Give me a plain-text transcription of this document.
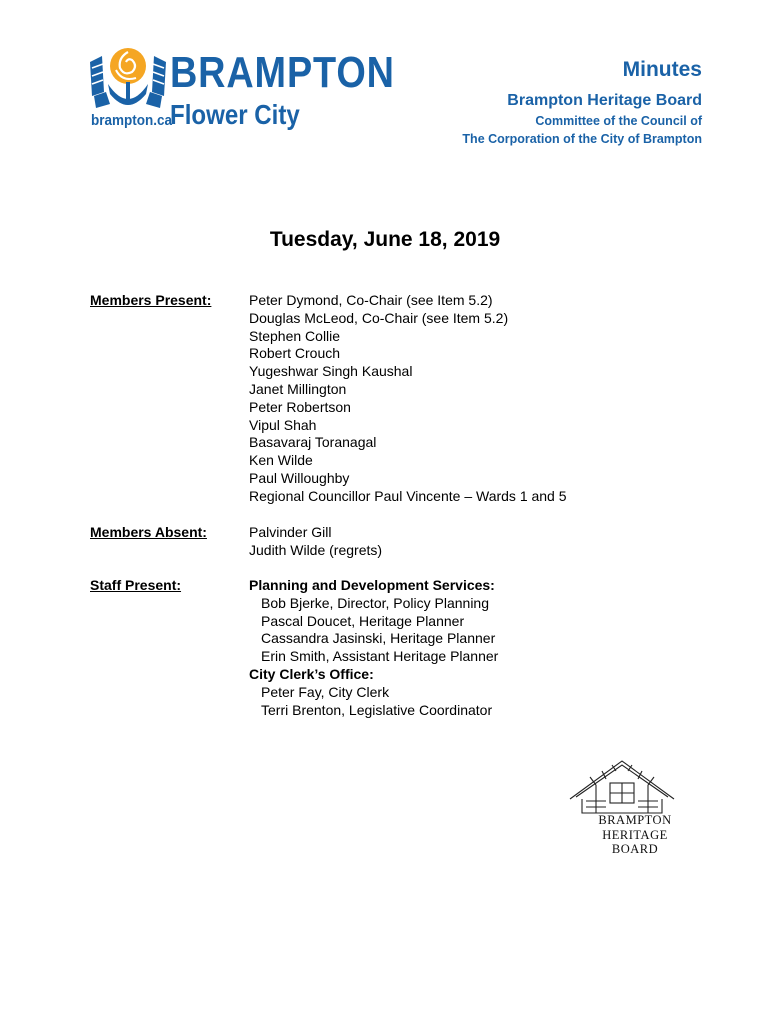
BRAMPTON
Flower City
brampton.ca
Minutes
Brampton Heritage Board
Committee of the Council of
The Corporation of the City of Brampton
Tuesday, June 18, 2019
Members Present:	Peter Dymond, Co-Chair (see Item 5.2)
Douglas McLeod, Co-Chair (see Item 5.2)
Stephen Collie
Robert Crouch
Yugeshwar Singh Kaushal
Janet Millington
Peter Robertson
Vipul Shah
Basavaraj Toranagal
Ken Wilde
Paul Willoughby
Regional Councillor Paul Vincente – Wards 1 and 5
Members Absent:	Palvinder Gill
Judith Wilde (regrets)
Staff Present:	Planning and Development Services:
Bob Bjerke, Director, Policy Planning
Pascal Doucet, Heritage Planner
Cassandra Jasinski, Heritage Planner
Erin Smith, Assistant Heritage Planner
City Clerk’s Office:
Peter Fay, City Clerk
Terri Brenton, Legislative Coordinator
BRAMPTON
HERITAGE
BOARD
